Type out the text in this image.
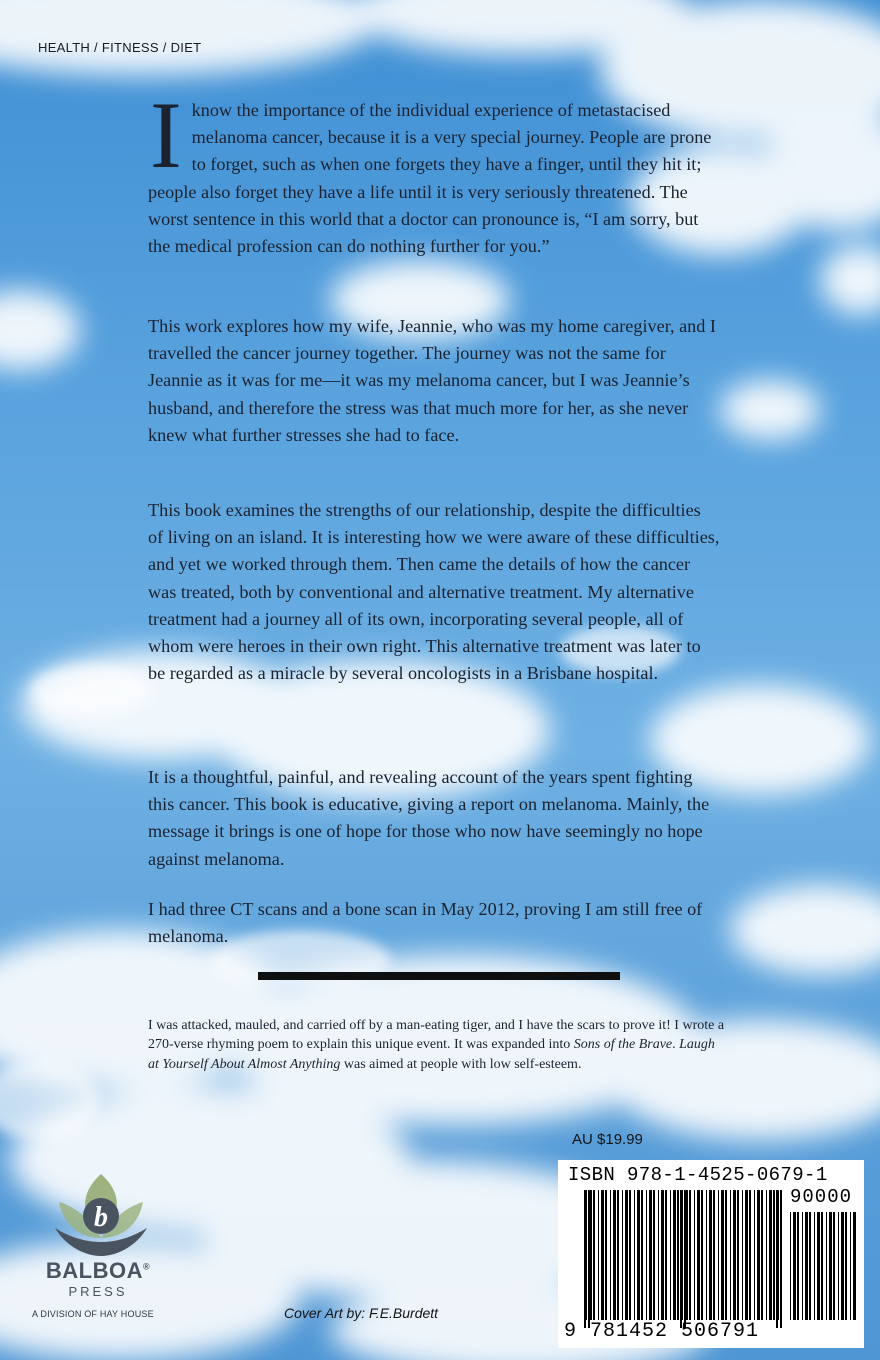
HEALTH / FITNESS / DIET

I know the importance of the individual experience of metastacised melanoma cancer, because it is a very special journey. People are prone to forget, such as when one forgets they have a finger, until they hit it; people also forget they have a life until it is very seriously threatened. The worst sentence in this world that a doctor can pronounce is, “I am sorry, but the medical profession can do nothing further for you.”

This work explores how my wife, Jeannie, who was my home caregiver, and I travelled the cancer journey together. The journey was not the same for Jeannie as it was for me—it was my melanoma cancer, but I was Jeannie’s husband, and therefore the stress was that much more for her, as she never knew what further stresses she had to face.

This book examines the strengths of our relationship, despite the difficulties of living on an island. It is interesting how we were aware of these difficulties, and yet we worked through them. Then came the details of how the cancer was treated, both by conventional and alternative treatment. My alternative treatment had a journey all of its own, incorporating several people, all of whom were heroes in their own right. This alternative treatment was later to be regarded as a miracle by several oncologists in a Brisbane hospital.

It is a thoughtful, painful, and revealing account of the years spent fighting this cancer. This book is educative, giving a report on melanoma. Mainly, the message it brings is one of hope for those who now have seemingly no hope against melanoma.

I had three CT scans and a bone scan in May 2012, proving I am still free of melanoma.

I was attacked, mauled, and carried off by a man-eating tiger, and I have the scars to prove it! I wrote a 270-verse rhyming poem to explain this unique event. It was expanded into Sons of the Brave. Laugh at Yourself About Almost Anything was aimed at people with low self-esteem.

AU $19.99
ISBN 978-1-4525-0679-1
90000
9 781452 506791
b
BALBOA®
PRESS
A DIVISION OF HAY HOUSE	Cover Art by: F.E.Burdett
